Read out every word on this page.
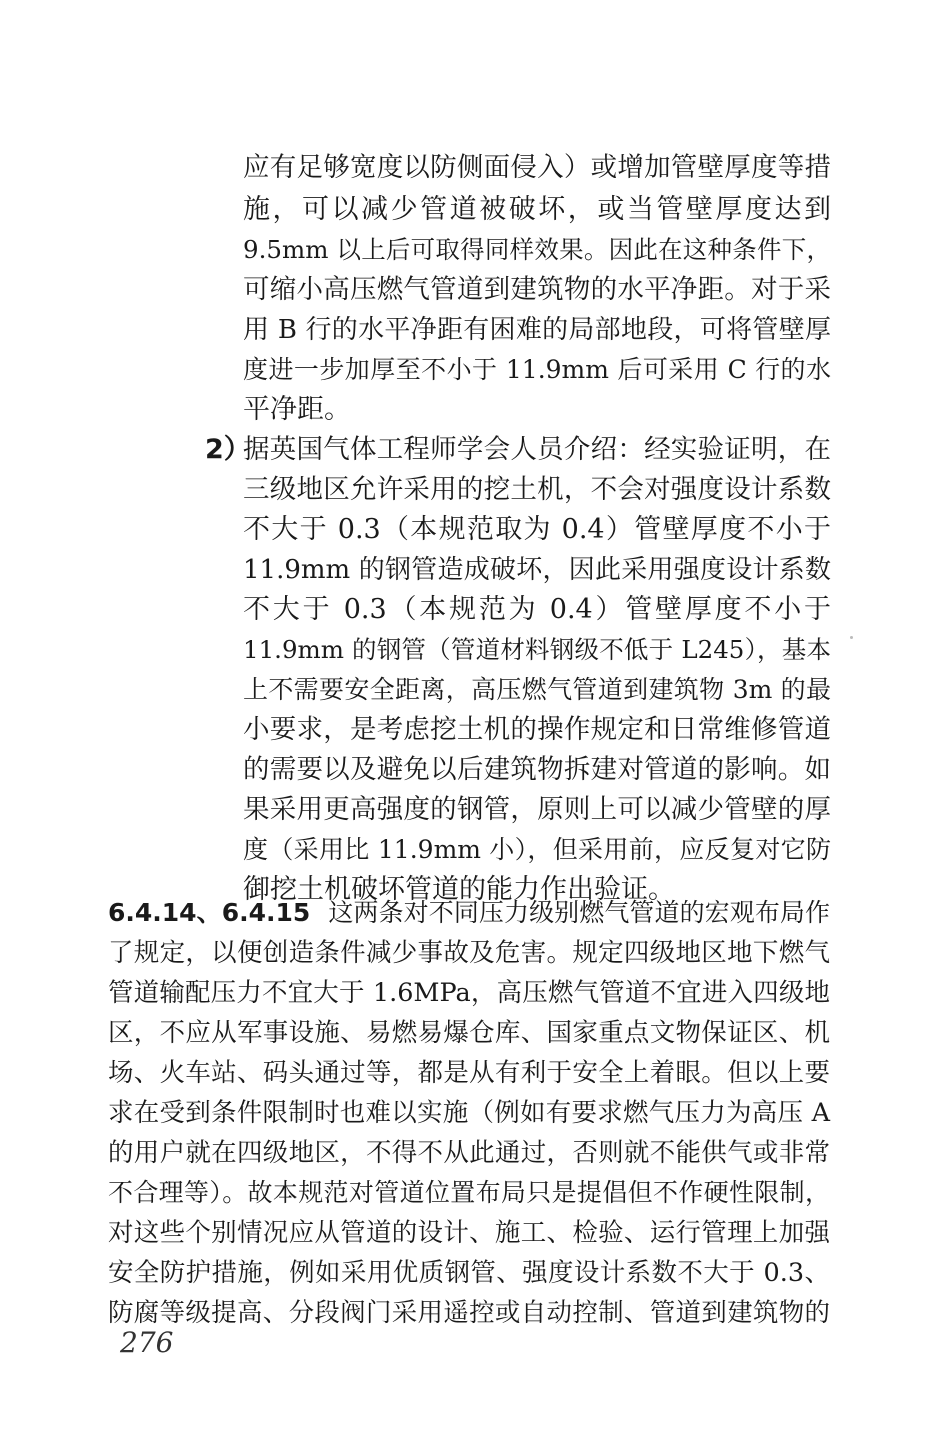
应有足够宽度以防侧面侵入）或增加管壁厚度等措
施，可以减少管道被破坏，或当管壁厚度达到
9.5mm 以上后可取得同样效果。因此在这种条件下，
可缩小高压燃气管道到建筑物的水平净距。对于采
用 B 行的水平净距有困难的局部地段，可将管壁厚
度进一步加厚至不小于 11.9mm 后可采用 C 行的水
平净距。
2）
据英国气体工程师学会人员介绍：经实验证明，在
三级地区允许采用的挖土机，不会对强度设计系数
不大于 0.3（本规范取为 0.4）管壁厚度不小于
11.9mm 的钢管造成破坏，因此采用强度设计系数
不大于 0.3（本规范为 0.4）管壁厚度不小于
11.9mm 的钢管（管道材料钢级不低于 L245），基本
上不需要安全距离，高压燃气管道到建筑物 3m 的最
小要求，是考虑挖土机的操作规定和日常维修管道
的需要以及避免以后建筑物拆建对管道的影响。如
果采用更高强度的钢管，原则上可以减少管壁的厚
度（采用比 11.9mm 小），但采用前，应反复对它防
御挖土机破坏管道的能力作出验证。
6.4.14、6.4.15 这两条对不同压力级别燃气管道的宏观布局作
了规定，以便创造条件减少事故及危害。规定四级地区地下燃气
管道输配压力不宜大于 1.6MPa，高压燃气管道不宜进入四级地
区，不应从军事设施、易燃易爆仓库、国家重点文物保证区、机
场、火车站、码头通过等，都是从有利于安全上着眼。但以上要
求在受到条件限制时也难以实施（例如有要求燃气压力为高压 A
的用户就在四级地区，不得不从此通过，否则就不能供气或非常
不合理等）。故本规范对管道位置布局只是提倡但不作硬性限制，
对这些个别情况应从管道的设计、施工、检验、运行管理上加强
安全防护措施，例如采用优质钢管、强度设计系数不大于 0.3、
防腐等级提高、分段阀门采用遥控或自动控制、管道到建筑物的
276
